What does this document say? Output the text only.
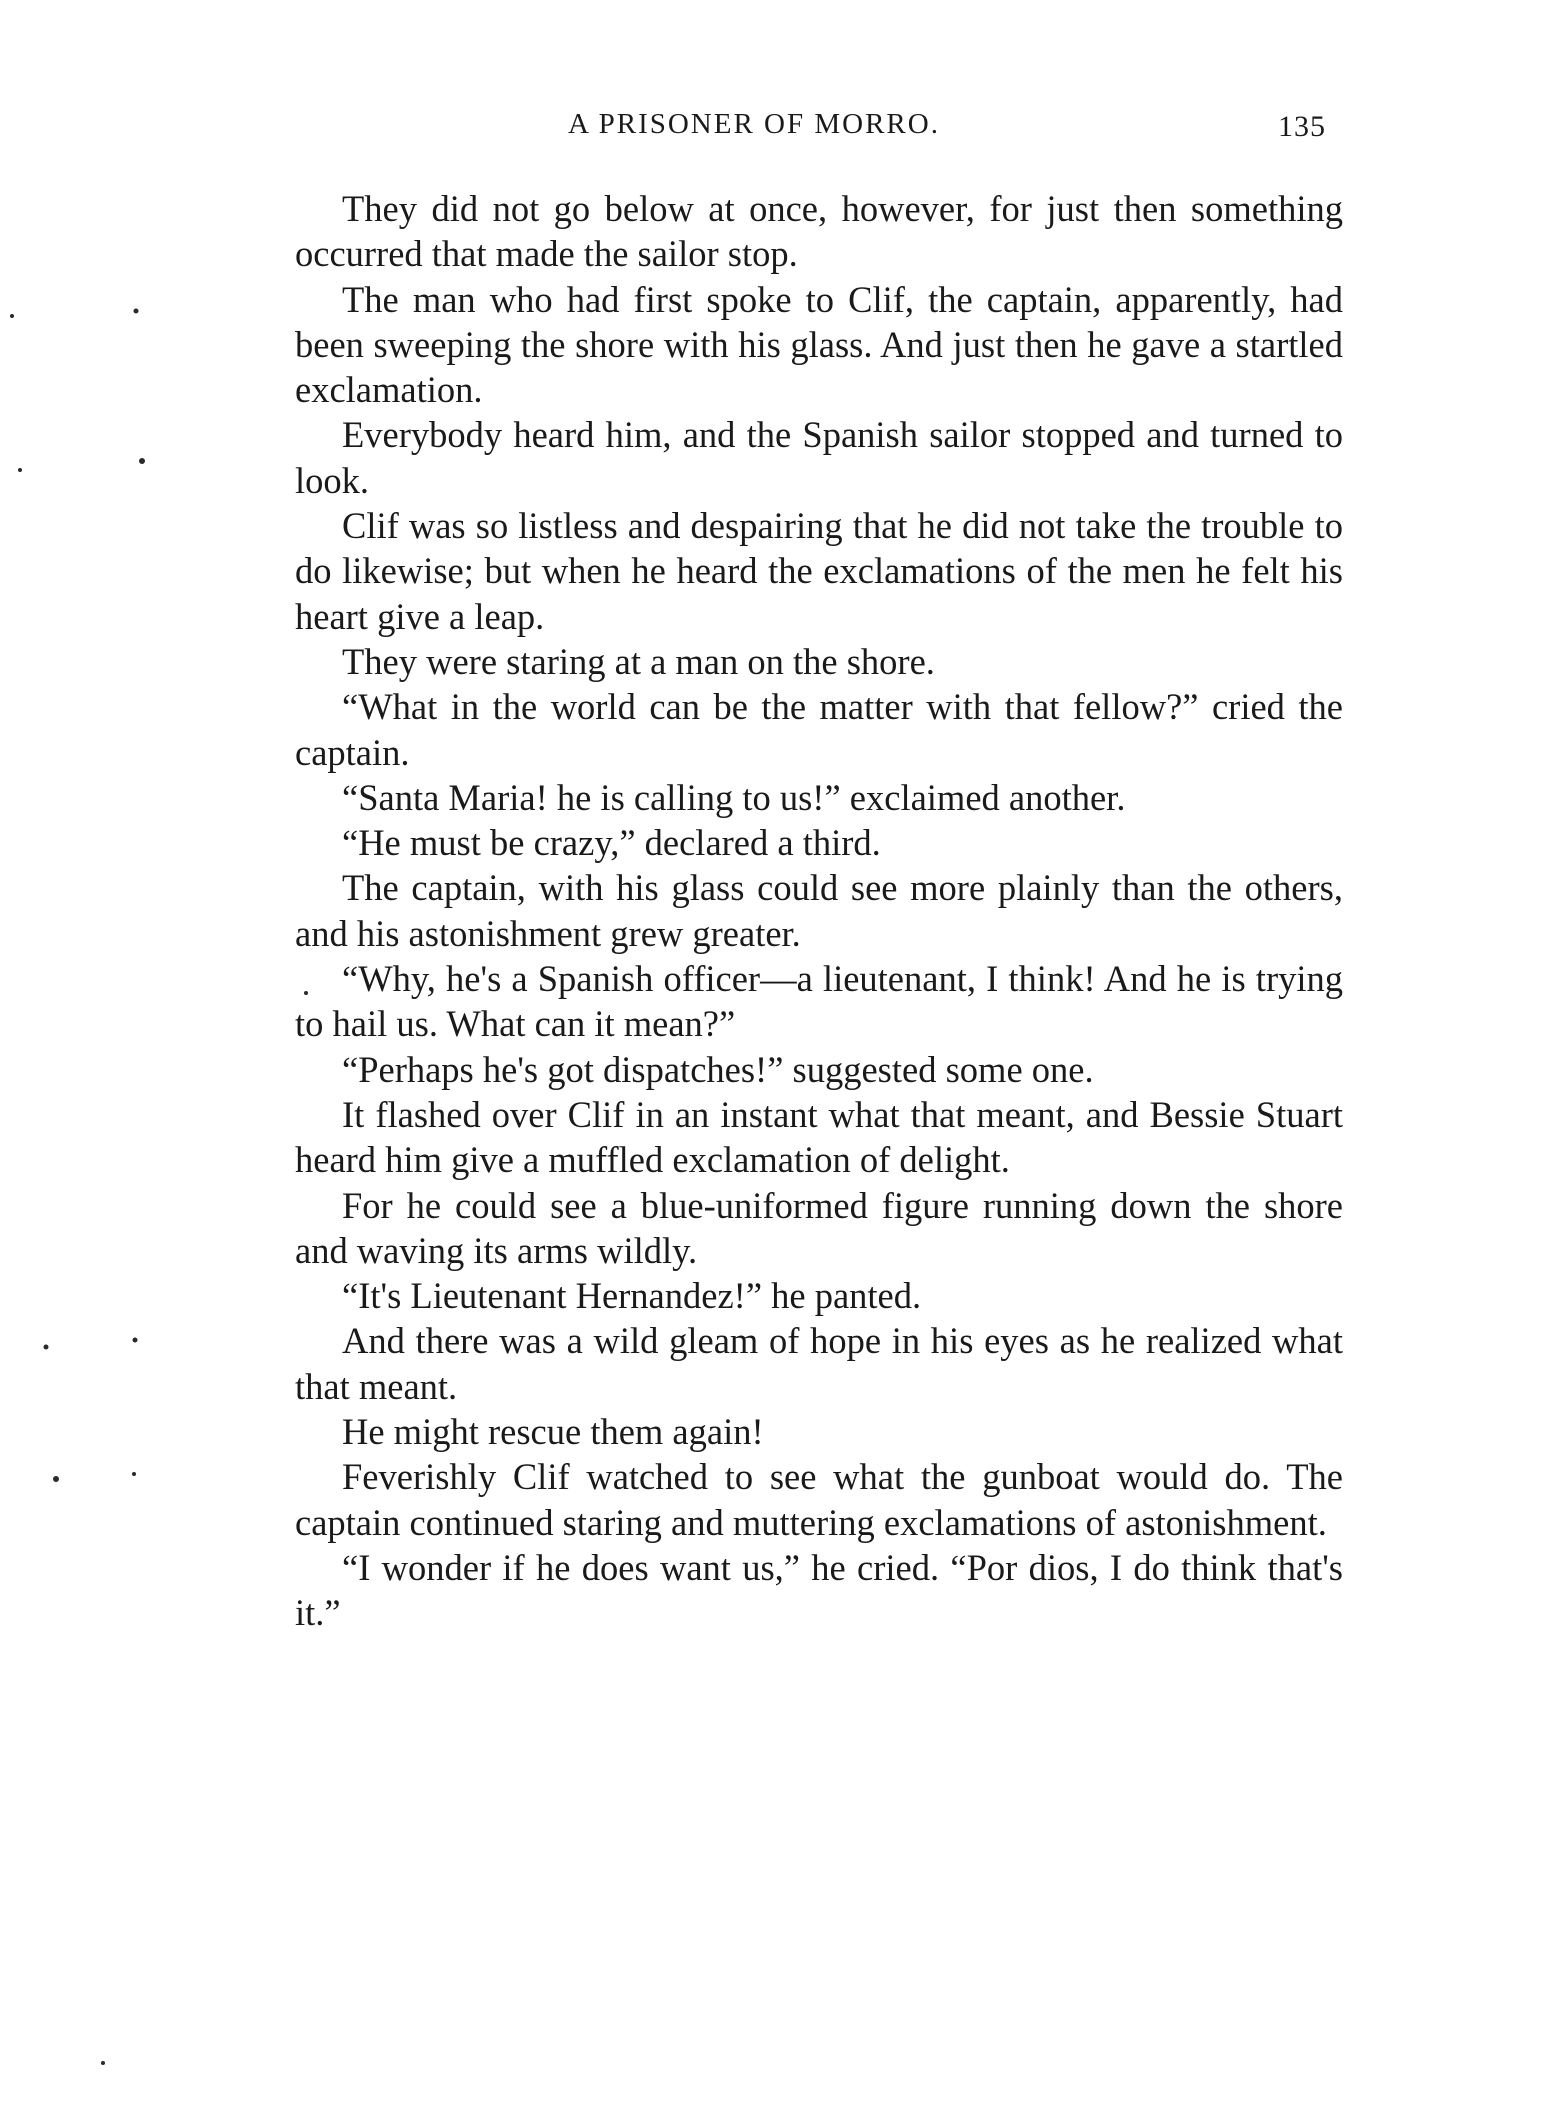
A PRISONER OF MORRO.	135

They did not go below at once, however, for just then something occurred that made the sailor stop.

The man who had first spoke to Clif, the captain, apparently, had been sweeping the shore with his glass. And just then he gave a startled exclamation.

Everybody heard him, and the Spanish sailor stopped and turned to look.

Clif was so listless and despairing that he did not take the trouble to do likewise; but when he heard the exclamations of the men he felt his heart give a leap.

They were staring at a man on the shore.

“What in the world can be the matter with that fellow?” cried the captain.

“Santa Maria! he is calling to us!” exclaimed another.

“He must be crazy,” declared a third.

The captain, with his glass could see more plainly than the others, and his astonishment grew greater.

“Why, he's a Spanish officer—a lieutenant, I think! And he is trying to hail us. What can it mean?”

“Perhaps he's got dispatches!” suggested some one.

It flashed over Clif in an instant what that meant, and Bessie Stuart heard him give a muffled exclamation of delight.

For he could see a blue-uniformed figure running down the shore and waving its arms wildly.

“It's Lieutenant Hernandez!” he panted.

And there was a wild gleam of hope in his eyes as he realized what that meant.

He might rescue them again!

Feverishly Clif watched to see what the gunboat would do. The captain continued staring and muttering exclamations of astonishment.

“I wonder if he does want us,” he cried. “Por dios, I do think that's it.”
